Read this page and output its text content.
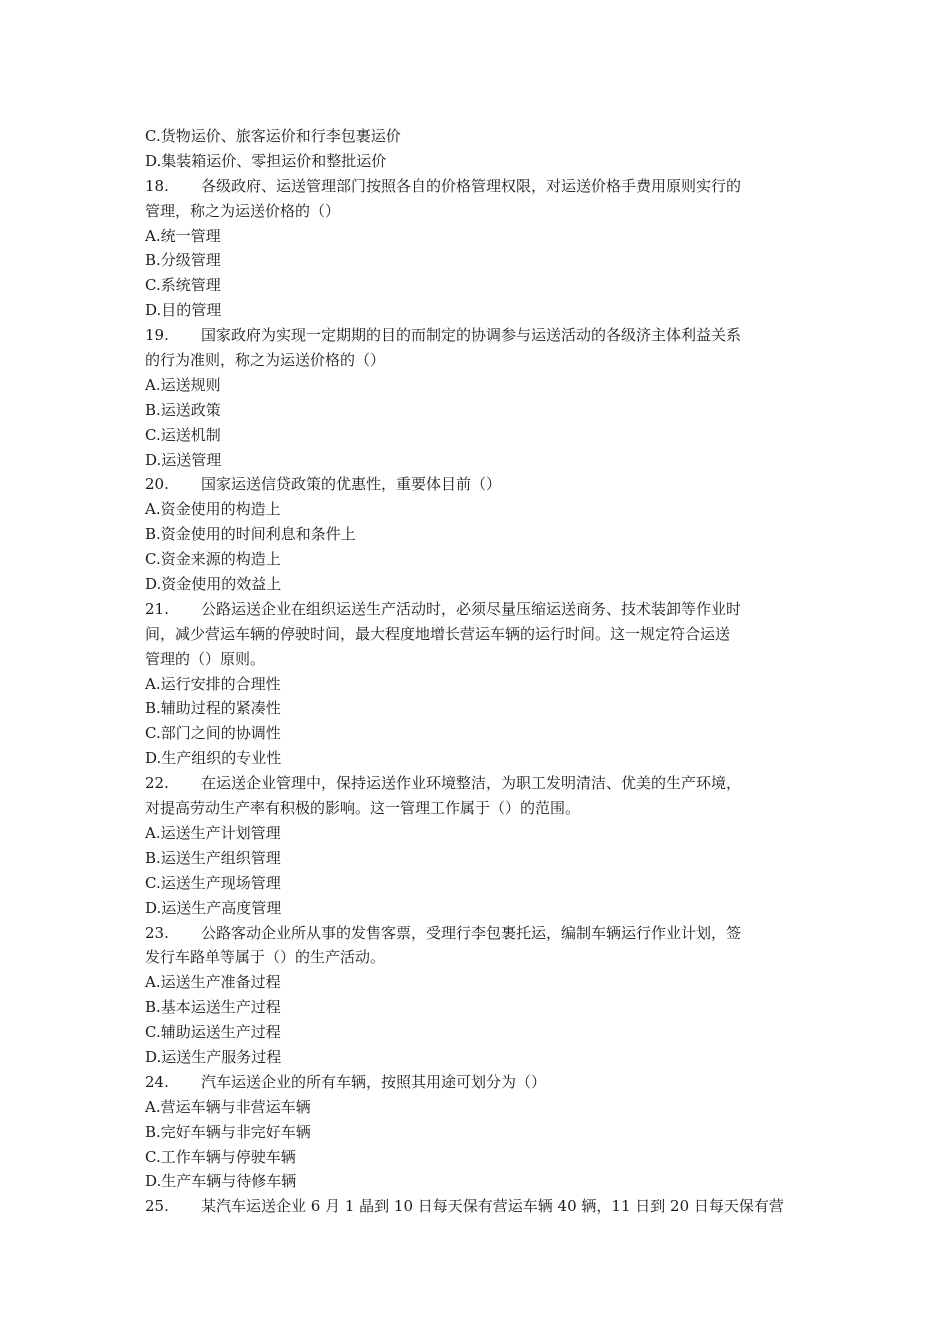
C.货物运价、旅客运价和行李包裹运价
D.集装箱运价、零担运价和整批运价
18. 各级政府、运送管理部门按照各自的价格管理权限，对运送价格手费用原则实行的
管理，称之为运送价格的（）
A.统一管理
B.分级管理
C.系统管理
D.目的管理
19. 国家政府为实现一定期期的目的而制定的协调参与运送活动的各级济主体利益关系
的行为准则，称之为运送价格的（）
A.运送规则
B.运送政策
C.运送机制
D.运送管理
20. 国家运送信贷政策的优惠性，重要体目前（）
A.资金使用的构造上
B.资金使用的时间利息和条件上
C.资金来源的构造上
D.资金使用的效益上
21. 公路运送企业在组织运送生产活动时，必须尽量压缩运送商务、技术装卸等作业时
间，减少营运车辆的停驶时间，最大程度地增长营运车辆的运行时间。这一规定符合运送
管理的（）原则。
A.运行安排的合理性
B.辅助过程的紧凑性
C.部门之间的协调性
D.生产组织的专业性
22. 在运送企业管理中，保持运送作业环境整洁，为职工发明清洁、优美的生产环境，
对提高劳动生产率有积极的影响。这一管理工作属于（）的范围。
A.运送生产计划管理
B.运送生产组织管理
C.运送生产现场管理
D.运送生产高度管理
23. 公路客动企业所从事的发售客票，受理行李包裹托运，编制车辆运行作业计划，签
发行车路单等属于（）的生产活动。
A.运送生产准备过程
B.基本运送生产过程
C.辅助运送生产过程
D.运送生产服务过程
24. 汽车运送企业的所有车辆，按照其用途可划分为（）
A.营运车辆与非营运车辆
B.完好车辆与非完好车辆
C.工作车辆与停驶车辆
D.生产车辆与待修车辆
25. 某汽车运送企业 6 月 1 晶到 10 日每天保有营运车辆 40 辆，11 日到 20 日每天保有营
